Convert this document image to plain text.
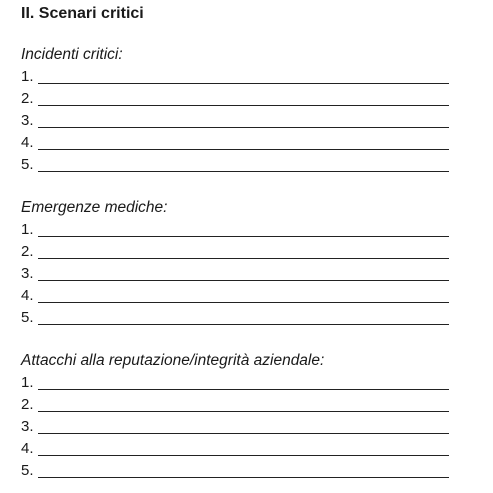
II. Scenari critici
Incidenti critici:
1.
2.
3.
4.
5.
Emergenze mediche:
1.
2.
3.
4.
5.
Attacchi alla reputazione/integrità aziendale:
1.
2.
3.
4.
5.
